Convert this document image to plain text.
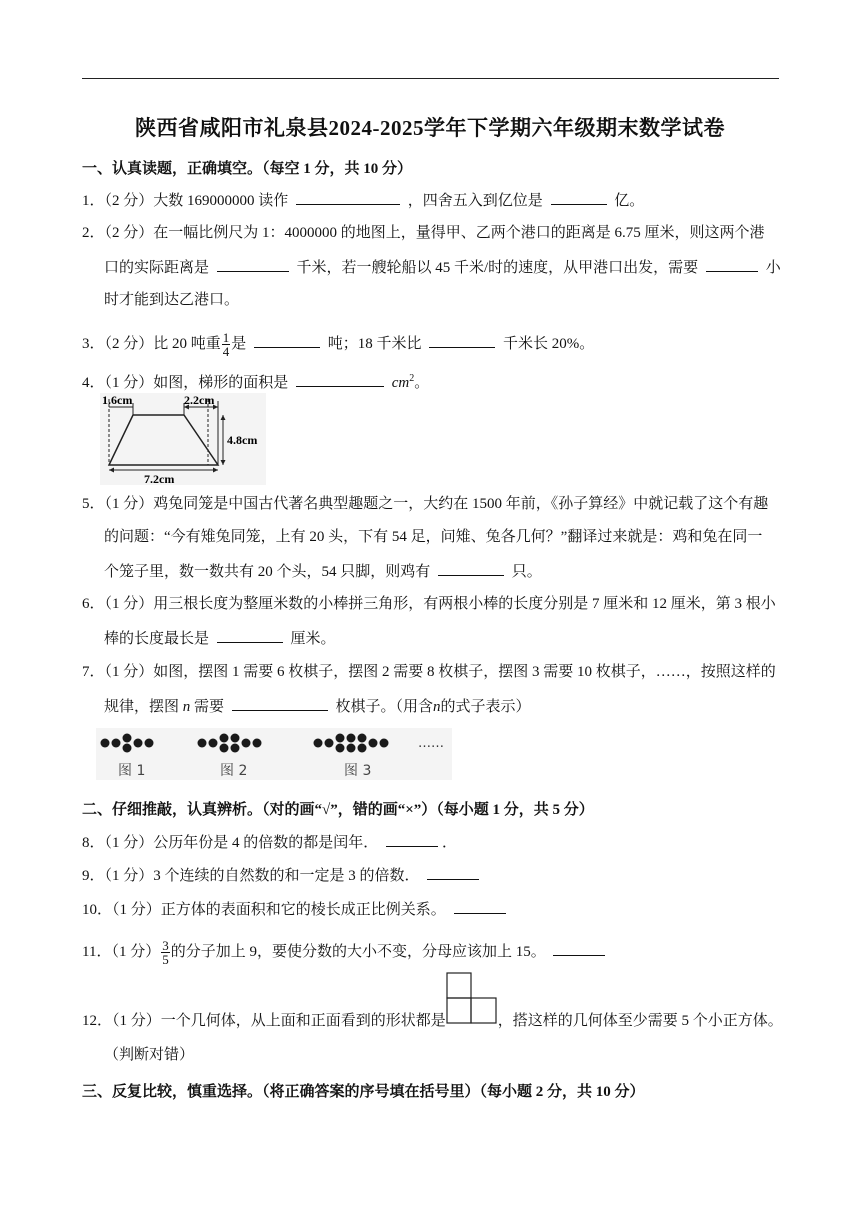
陕西省咸阳市礼泉县2024-2025学年下学期六年级期末数学试卷
一、认真读题，正确填空。（每空 1 分，共 10 分）
1．（2 分）大数 169000000 读作	，四舍五入到亿位是	亿。
2．（2 分）在一幅比例尺为 1：4000000 的地图上，量得甲、乙两个港口的距离是 6.75 厘米，则这两个港
口的实际距离是	千米，若一艘轮船以 45 千米/时的速度，从甲港口出发，需要	小
时才能到达乙港口。
3．（2 分）比 20 吨重 $\frac{1}{4}$ 是	吨；18 千米比	千米长 20%。
4．（1 分）如图，梯形的面积是	$cm^2$。
1.6cm	2.2cm
4.8cm
7.2cm
5．（1 分）鸡兔同笼是中国古代著名典型趣题之一，大约在 1500 年前，《孙子算经》中就记载了这个有趣
的问题：“今有雉兔同笼，上有 20 头，下有 54 足，问雉、兔各几何？”翻译过来就是：鸡和兔在同一
个笼子里，数一数共有 20 个头，54 只脚，则鸡有	只。
6．（1 分）用三根长度为整厘米数的小棒拼三角形，有两根小棒的长度分别是 7 厘米和 12 厘米，第 3 根小
棒的长度最长是	厘米。
7．（1 分）如图，摆图 1 需要 6 枚棋子，摆图 2 需要 8 枚棋子，摆图 3 需要 10 枚棋子，……，按照这样的
规律，摆图 n 需要	枚棋子。（用含n的式子表示）
……
图 1	图 2	图 3
二、仔细推敲，认真辨析。（对的画“√”，错的画“×”）（每小题 1 分，共 5 分）
8．（1 分）公历年份是 4 的倍数的都是闰年．	．
9．（1 分）3 个连续的自然数的和一定是 3 的倍数．
10．（1 分）正方体的表面积和它的棱长成正比例关系。
11．（1 分） $\frac{3}{5}$ 的分子加上 9，要使分数的大小不变，分母应该加上 15。
12．（1 分）一个几何体，从上面和正面看到的形状都是	，搭这样的几何体至少需要 5 个小正方体。
（判断对错）
三、反复比较，慎重选择。（将正确答案的序号填在括号里）（每小题 2 分，共 10 分）
